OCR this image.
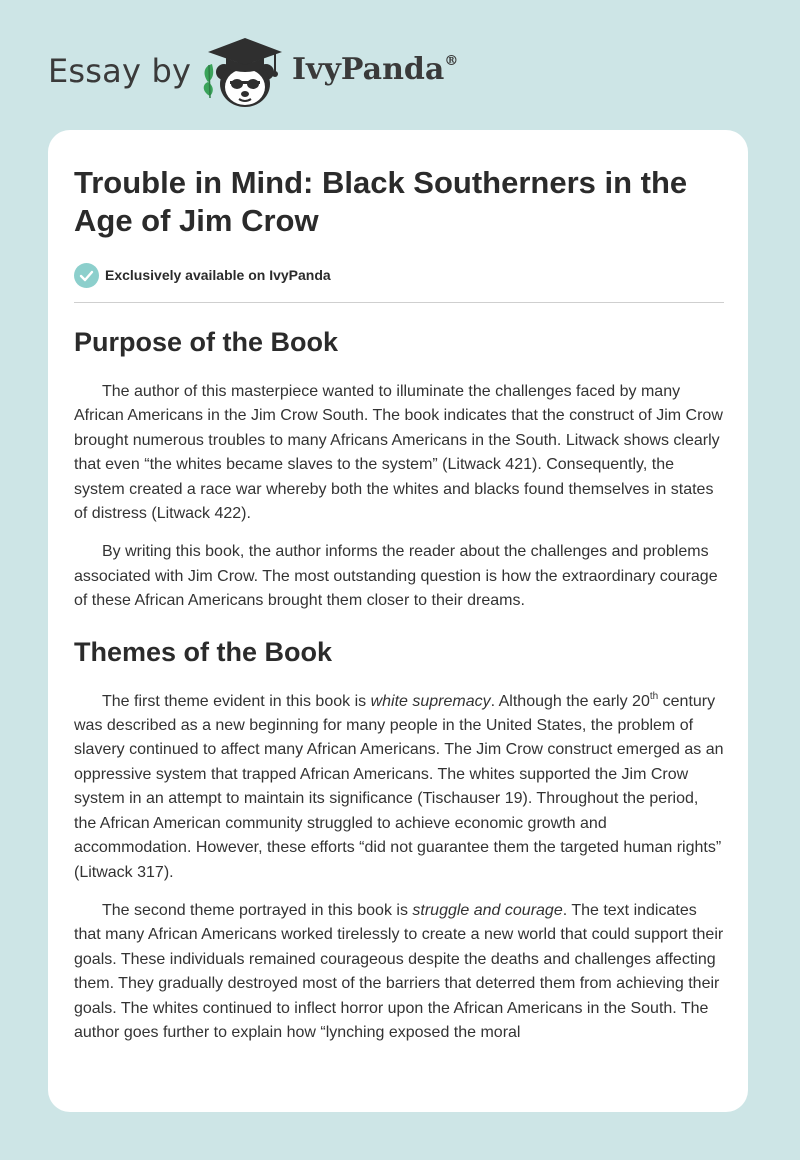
Essay by	IvyPanda®
Trouble in Mind: Black Southerners in the Age of Jim Crow
Exclusively available on IvyPanda
Purpose of the Book

The author of this masterpiece wanted to illuminate the challenges faced by many African Americans in the Jim Crow South. The book indicates that the construct of Jim Crow brought numerous troubles to many Africans Americans in the South. Litwack shows clearly that even “the whites became slaves to the system” (Litwack 421). Consequently, the system created a race war whereby both the whites and blacks found themselves in states of distress (Litwack 422).

By writing this book, the author informs the reader about the challenges and problems associated with Jim Crow. The most outstanding question is how the extraordinary courage of these African Americans brought them closer to their dreams.

Themes of the Book

The first theme evident in this book is white supremacy. Although the early 20th century was described as a new beginning for many people in the United States, the problem of slavery continued to affect many African Americans. The Jim Crow construct emerged as an oppressive system that trapped African Americans. The whites supported the Jim Crow system in an attempt to maintain its significance (Tischauser 19). Throughout the period, the African American community struggled to achieve economic growth and accommodation. However, these efforts “did not guarantee them the targeted human rights” (Litwack 317).

The second theme portrayed in this book is struggle and courage. The text indicates that many African Americans worked tirelessly to create a new world that could support their goals. These individuals remained courageous despite the deaths and challenges affecting them. They gradually destroyed most of the barriers that deterred them from achieving their goals. The whites continued to inflect horror upon the African Americans in the South. The author goes further to explain how “lynching exposed the moral
